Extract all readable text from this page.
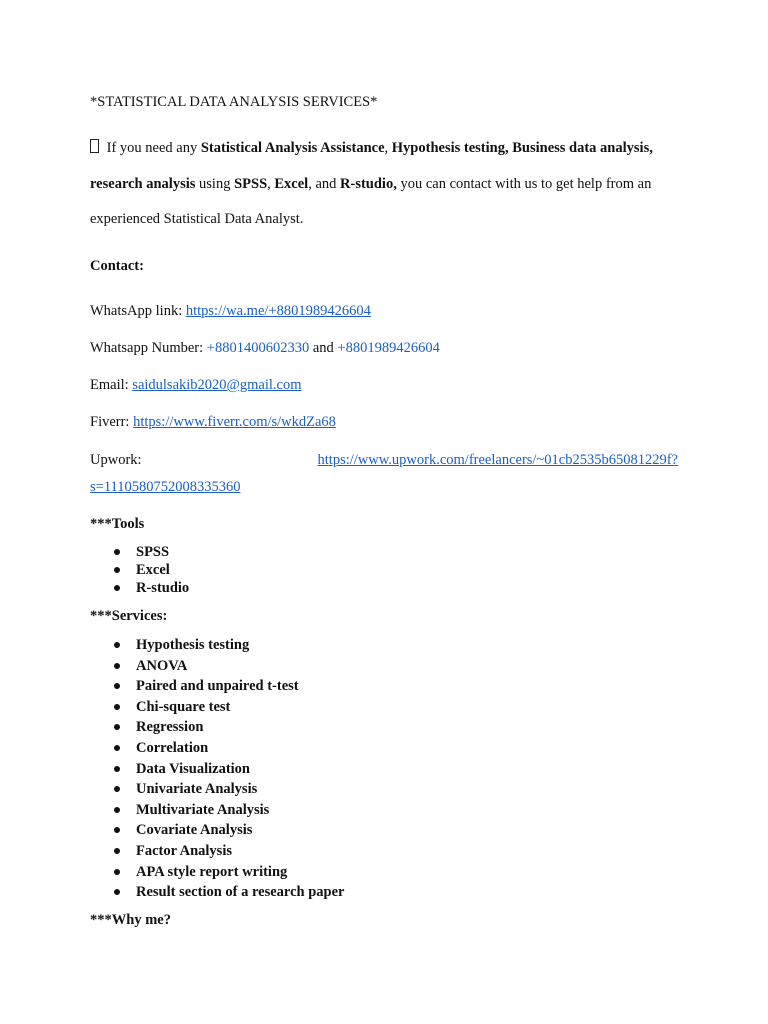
*STATISTICAL DATA ANALYSIS SERVICES*
If you need any Statistical Analysis Assistance, Hypothesis testing, Business data analysis,
research analysis using SPSS, Excel, and R-studio, you can contact with us to get help from an
experienced Statistical Data Analyst.
Contact:
WhatsApp link: https://wa.me/+8801989426604
Whatsapp Number: +8801400602330 and +8801989426604
Email: saidulsakib2020@gmail.com
Fiverr: https://www.fiverr.com/s/wkdZa68
Upwork:	https://www.upwork.com/freelancers/~01cb2535b65081229f?
s=1110580752008335360
***Tools
SPSS
Excel
R-studio
***Services:
Hypothesis testing
ANOVA
Paired and unpaired t-test
Chi-square test
Regression
Correlation
Data Visualization
Univariate Analysis
Multivariate Analysis
Covariate Analysis
Factor Analysis
APA style report writing
Result section of a research paper
***Why me?
